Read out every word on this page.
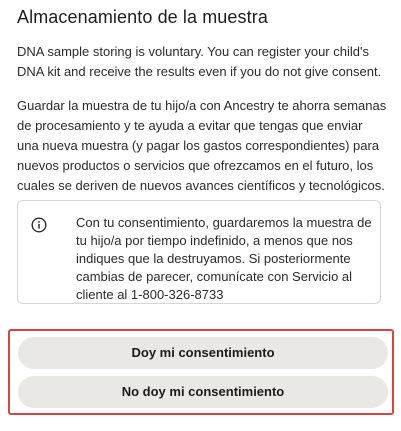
Almacenamiento de la muestra

DNA sample storing is voluntary. You can register your child's DNA kit and receive the results even if you do not give consent.

Guardar la muestra de tu hijo/a con Ancestry te ahorra semanas de procesamiento y te ayuda a evitar que tengas que enviar una nueva muestra (y pagar los gastos correspondientes) para nuevos productos o servicios que ofrezcamos en el futuro, los cuales se deriven de nuevos avances científicos y tecnológicos.

Con tu consentimiento, guardaremos la muestra de tu hijo/a por tiempo indefinido, a menos que nos indiques que la destruyamos. Si posteriormente cambias de parecer, comunícate con Servicio al cliente al 1-800-326-8733

Doy mi consentimiento
No doy mi consentimiento
